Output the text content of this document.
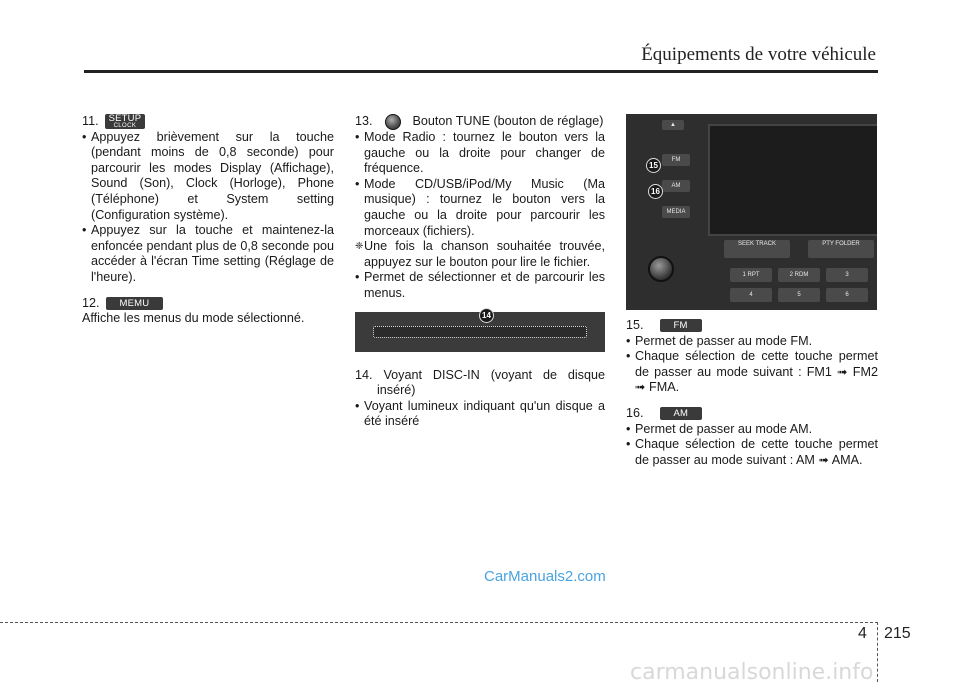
Équipements de votre véhicule
11.	SETUP
CLOCK

• Appuyez brièvement sur la touche (pendant moins de 0,8 seconde) pour parcourir les modes Display (Affichage), Sound (Son), Clock (Horloge), Phone (Téléphone) et System setting (Configuration système).

• Appuyez sur la touche et maintenez-la enfoncée pendant plus de 0,8 seconde pou accéder à l'écran Time setting (Réglage de l'heure).

12.	MEMU

Affiche les menus du mode sélectionné.

13.	Bouton TUNE (bouton de réglage)

• Mode Radio : tournez le bouton vers la gauche ou la droite pour changer de fréquence.

• Mode CD/USB/iPod/My Music (Ma musique) : tournez le bouton vers la gauche ou la droite pour parcourir les morceaux (fichiers).

❈ Une fois la chanson souhaitée trouvée, appuyez sur le bouton pour lire le fichier.

• Permet de sélectionner et de parcourir les menus.

14

14. Voyant DISC-IN (voyant de disque inséré)

• Voyant lumineux indiquant qu'un disque a été inséré

▲
FM
AM
MEDIA
SEEK TRACK	PTY FOLDER
1 RPT	2 RDM	3
4	5	6
15
16
15.	FM

• Permet de passer au mode FM.

• Chaque sélection de cette touche permet de passer au mode suivant : FM1 ➟ FM2 ➟ FMA.

16.	AM

• Permet de passer au mode AM.

• Chaque sélection de cette touche permet de passer au mode suivant : AM ➟ AMA.

CarManuals2.com
4 215
carmanualsonline.info
